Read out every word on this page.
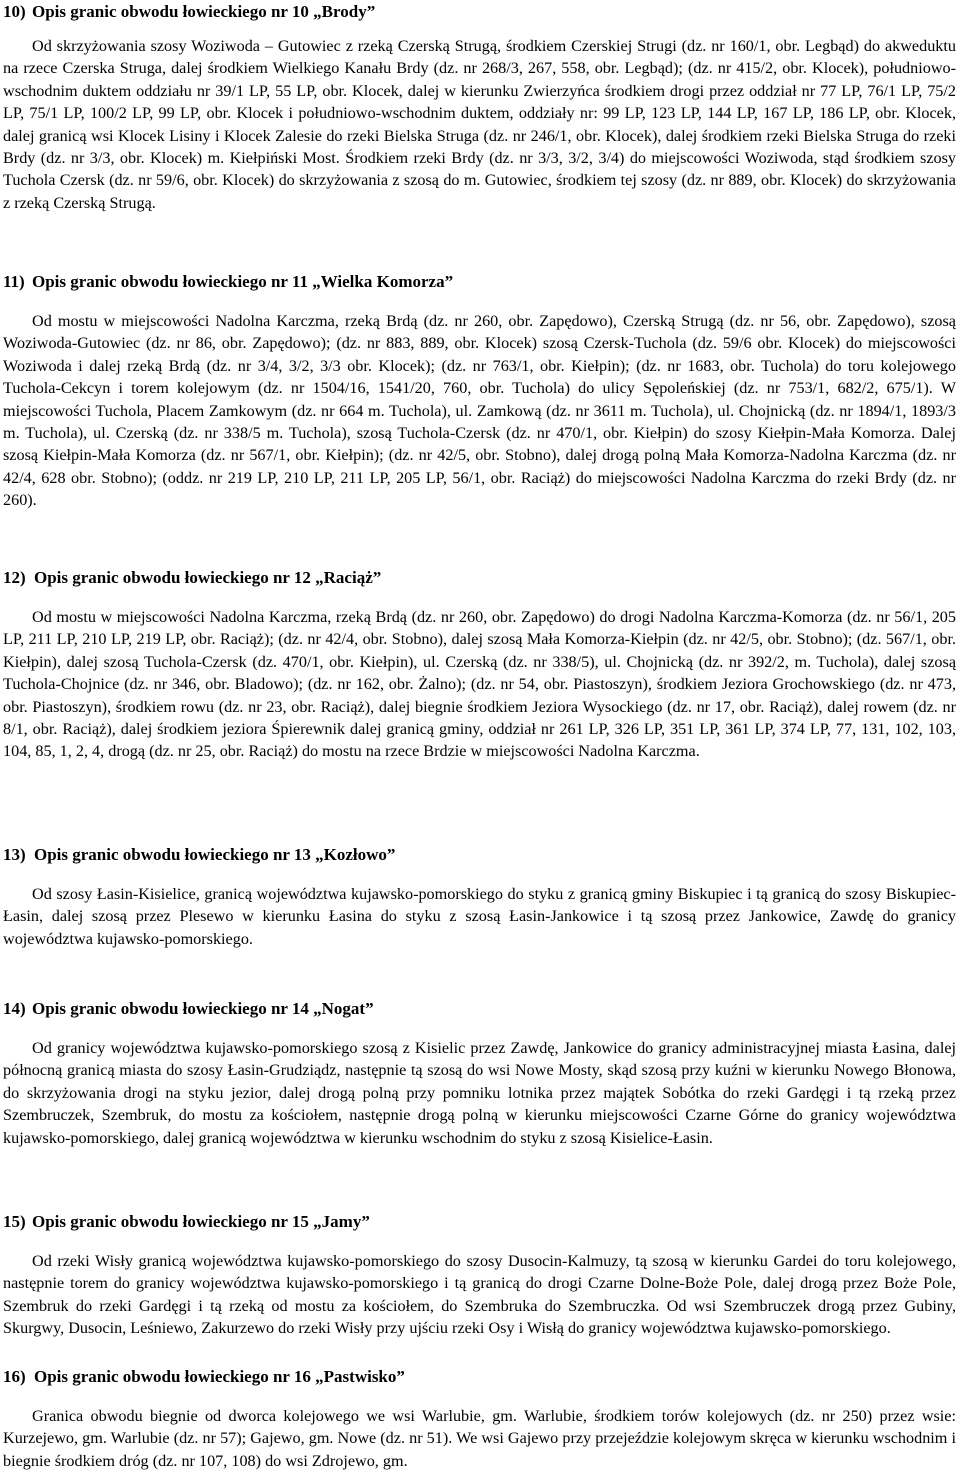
10) Opis granic obwodu łowieckiego nr 10 „Brody”
Od skrzyżowania szosy Woziwoda – Gutowiec z rzeką Czerską Strugą, środkiem Czerskiej Strugi (dz. nr 160/1, obr. Legbąd) do akweduktu na rzece Czerska Struga, dalej środkiem Wielkiego Kanału Brdy (dz. nr 268/3, 267, 558, obr. Legbąd); (dz. nr 415/2, obr. Klocek), południowo-wschodnim duktem oddziału nr 39/1 LP, 55 LP, obr. Klocek, dalej w kierunku Zwierzyńca środkiem drogi przez oddział nr 77 LP, 76/1 LP, 75/2 LP, 75/1 LP, 100/2 LP, 99 LP, obr. Klocek i południowo-wschodnim duktem, oddziały nr: 99 LP, 123 LP, 144 LP, 167 LP, 186 LP, obr. Klocek, dalej granicą wsi Klocek Lisiny i Klocek Zalesie do rzeki Bielska Struga (dz. nr 246/1, obr. Klocek), dalej środkiem rzeki Bielska Struga do rzeki Brdy (dz. nr 3/3, obr. Klocek) m. Kiełpiński Most. Środkiem rzeki Brdy (dz. nr 3/3, 3/2, 3/4) do miejscowości Woziwoda, stąd środkiem szosy Tuchola Czersk (dz. nr 59/6, obr. Klocek) do skrzyżowania z szosą do m. Gutowiec, środkiem tej szosy (dz. nr 889, obr. Klocek) do skrzyżowania z rzeką Czerską Strugą.
11) Opis granic obwodu łowieckiego nr 11 „Wielka Komorza”
Od mostu w miejscowości Nadolna Karczma, rzeką Brdą (dz. nr 260, obr. Zapędowo), Czerską Strugą (dz. nr 56, obr. Zapędowo), szosą Woziwoda-Gutowiec (dz. nr 86, obr. Zapędowo); (dz. nr 883, 889, obr. Klocek) szosą Czersk-Tuchola (dz. 59/6 obr. Klocek) do miejscowości Woziwoda i dalej rzeką Brdą (dz. nr 3/4, 3/2, 3/3 obr. Klocek); (dz. nr 763/1, obr. Kiełpin); (dz. nr 1683, obr. Tuchola) do toru kolejowego Tuchola-Cekcyn i torem kolejowym (dz. nr 1504/16, 1541/20, 760, obr. Tuchola) do ulicy Sępoleńskiej (dz. nr 753/1, 682/2, 675/1). W miejscowości Tuchola, Placem Zamkowym (dz. nr 664 m. Tuchola), ul. Zamkową (dz. nr 3611 m. Tuchola), ul. Chojnicką (dz. nr 1894/1, 1893/3 m. Tuchola), ul. Czerską (dz. nr 338/5 m. Tuchola), szosą Tuchola-Czersk (dz. nr 470/1, obr. Kiełpin) do szosy Kiełpin-Mała Komorza. Dalej szosą Kiełpin-Mała Komorza (dz. nr 567/1, obr. Kiełpin); (dz. nr 42/5, obr. Stobno), dalej drogą polną Mała Komorza-Nadolna Karczma (dz. nr 42/4, 628 obr. Stobno); (oddz. nr 219 LP, 210 LP, 211 LP, 205 LP, 56/1, obr. Raciąż) do miejscowości Nadolna Karczma do rzeki Brdy (dz. nr 260).
12) Opis granic obwodu łowieckiego nr 12 „Raciąż”
Od mostu w miejscowości Nadolna Karczma, rzeką Brdą (dz. nr 260, obr. Zapędowo) do drogi Nadolna Karczma-Komorza (dz. nr 56/1, 205 LP, 211 LP, 210 LP, 219 LP, obr. Raciąż); (dz. nr 42/4, obr. Stobno), dalej szosą Mała Komorza-Kiełpin (dz. nr 42/5, obr. Stobno); (dz. 567/1, obr. Kiełpin), dalej szosą Tuchola-Czersk (dz. 470/1, obr. Kiełpin), ul. Czerską (dz. nr 338/5), ul. Chojnicką (dz. nr 392/2, m. Tuchola), dalej szosą Tuchola-Chojnice (dz. nr 346, obr. Bladowo); (dz. nr 162, obr. Żalno); (dz. nr 54, obr. Piastoszyn), środkiem Jeziora Grochowskiego (dz. nr 473, obr. Piastoszyn), środkiem rowu (dz. nr 23, obr. Raciąż), dalej biegnie środkiem Jeziora Wysockiego (dz. nr 17, obr. Raciąż), dalej rowem (dz. nr 8/1, obr. Raciąż), dalej środkiem jeziora Śpierewnik dalej granicą gminy, oddział nr 261 LP, 326 LP, 351 LP, 361 LP, 374 LP, 77, 131, 102, 103, 104, 85, 1, 2, 4, drogą (dz. nr 25, obr. Raciąż) do mostu na rzece Brdzie w miejscowości Nadolna Karczma.
13) Opis granic obwodu łowieckiego nr 13 „Kozłowo”
Od szosy Łasin-Kisielice, granicą województwa kujawsko-pomorskiego do styku z granicą gminy Biskupiec i tą granicą do szosy Biskupiec-Łasin, dalej szosą przez Plesewo w kierunku Łasina do styku z szosą Łasin-Jankowice i tą szosą przez Jankowice, Zawdę do granicy województwa kujawsko-pomorskiego.
14) Opis granic obwodu łowieckiego nr 14 „Nogat”
Od granicy województwa kujawsko-pomorskiego szosą z Kisielic przez Zawdę, Jankowice do granicy administracyjnej miasta Łasina, dalej północną granicą miasta do szosy Łasin-Grudziądz, następnie tą szosą do wsi Nowe Mosty, skąd szosą przy kuźni w kierunku Nowego Błonowa, do skrzyżowania drogi na styku jezior, dalej drogą polną przy pomniku lotnika przez majątek Sobótka do rzeki Gardęgi i tą rzeką przez Szembruczek, Szembruk, do mostu za kościołem, następnie drogą polną w kierunku miejscowości Czarne Górne do granicy województwa kujawsko-pomorskiego, dalej granicą województwa w kierunku wschodnim do styku z szosą Kisielice-Łasin.
15) Opis granic obwodu łowieckiego nr 15 „Jamy”
Od rzeki Wisły granicą województwa kujawsko-pomorskiego do szosy Dusocin-Kalmuzy, tą szosą w kierunku Gardei do toru kolejowego, następnie torem do granicy województwa kujawsko-pomorskiego i tą granicą do drogi Czarne Dolne-Boże Pole, dalej drogą przez Boże Pole, Szembruk do rzeki Gardęgi i tą rzeką od mostu za kościołem, do Szembruka do Szembruczka. Od wsi Szembruczek drogą przez Gubiny, Skurgwy, Dusocin, Leśniewo, Zakurzewo do rzeki Wisły przy ujściu rzeki Osy i Wisłą do granicy województwa kujawsko-pomorskiego.
16) Opis granic obwodu łowieckiego nr 16 „Pastwisko”
Granica obwodu biegnie od dworca kolejowego we wsi Warlubie, gm. Warlubie, środkiem torów kolejowych (dz. nr 250) przez wsie: Kurzejewo, gm. Warlubie (dz. nr 57); Gajewo, gm. Nowe (dz. nr 51). We wsi Gajewo przy przejeździe kolejowym skręca w kierunku wschodnim i biegnie środkiem dróg (dz. nr 107, 108) do wsi Zdrojewo, gm.
